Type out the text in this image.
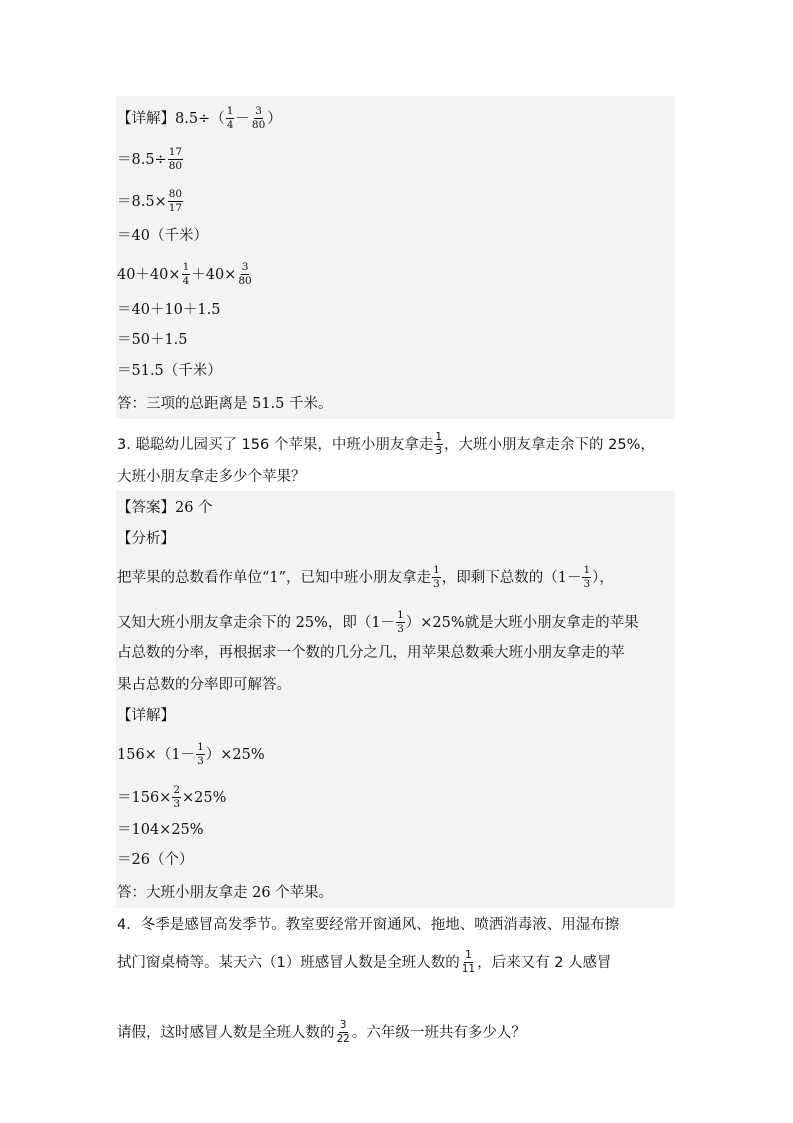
【详解】 $8.5\div( \frac{1}{4} - \frac{3}{80}$ ）
$=8.5\div \frac{17}{80}$
$=8.5\times \frac{80}{17}$
＝40（千米）
$40+40\times \frac{1}{4} +40\times \frac{3}{80}$
＝40＋10＋1.5
＝50＋1.5
＝51.5（千米）
答：三项的总距离是 51.5 千米。
3. 聪聪幼儿园买了 156 个苹果，中班小朋友拿走 $\frac{1}{3}$ ，大班小朋友拿走余下的 25%，
大班小朋友拿走多少个苹果？
【答案】26 个
【分析】
把苹果的总数看作单位“1”，已知中班小朋友拿走 $\frac{1}{3}$ ，即剩下总数的（$1- \frac{1}{3}$ ），
又知大班小朋友拿走余下的 25%，即$(1- \frac{1}{3} )\times 25\%$就是大班小朋友拿走的苹果
占总数的分率，再根据求一个数的几分之几，用苹果总数乘大班小朋友拿走的苹
果占总数的分率即可解答。
【详解】
$156\times(1- \frac{1}{3} )\times 25\%$
$=156\times \frac{2}{3} \times 25\%$
＝104×25%
＝26（个）
答：大班小朋友拿走 26 个苹果。
4．冬季是感冒高发季节。教室要经常开窗通风、拖地、喷洒消毒液、用湿布擦
拭门窗桌椅等。某天六（1）班感冒人数是全班人数的 $\frac{1}{11}$ ，后来又有 2 人感冒
请假，这时感冒人数是全班人数的 $\frac{3}{22}$ 。六年级一班共有多少人？
